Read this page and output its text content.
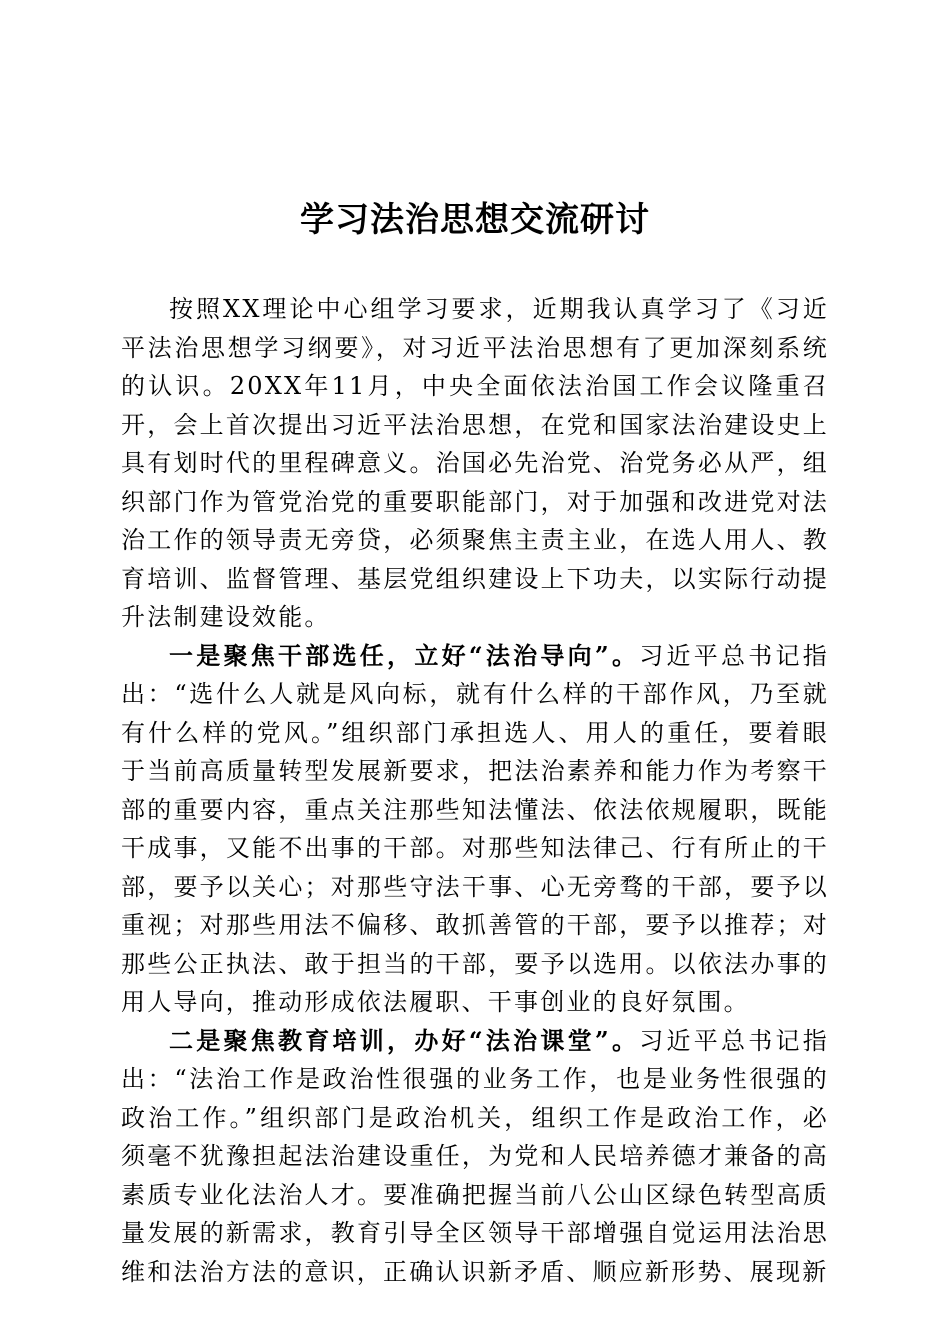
学习法治思想交流研讨

按照XX理论中心组学习要求，近期我认真学习了《习近平法治思想学习纲要》，对习近平法治思想有了更加深刻系统的认识。20XX年11月，中央全面依法治国工作会议隆重召开，会上首次提出习近平法治思想，在党和国家法治建设史上具有划时代的里程碑意义。治国必先治党、治党务必从严，组织部门作为管党治党的重要职能部门，对于加强和改进党对法治工作的领导责无旁贷，必须聚焦主责主业，在选人用人、教育培训、监督管理、基层党组织建设上下功夫，以实际行动提升法制建设效能。

一是聚焦干部选任，立好“法治导向”。习近平总书记指出：“选什么人就是风向标，就有什么样的干部作风，乃至就有什么样的党风。”组织部门承担选人、用人的重任，要着眼于当前高质量转型发展新要求，把法治素养和能力作为考察干部的重要内容，重点关注那些知法懂法、依法依规履职，既能干成事，又能不出事的干部。对那些知法律己、行有所止的干部，要予以关心；对那些守法干事、心无旁骛的干部，要予以重视；对那些用法不偏移、敢抓善管的干部，要予以推荐；对那些公正执法、敢于担当的干部，要予以选用。以依法办事的用人导向，推动形成依法履职、干事创业的良好氛围。

二是聚焦教育培训，办好“法治课堂”。习近平总书记指出：“法治工作是政治性很强的业务工作，也是业务性很强的政治工作。”组织部门是政治机关，组织工作是政治工作，必须毫不犹豫担起法治建设重任，为党和人民培养德才兼备的高素质专业化法治人才。要准确把握当前八公山区绿色转型高质量发展的新需求，教育引导全区领导干部增强自觉运用法治思维和法治方法的意识，正确认识新矛盾、顺应新形势、展现新
